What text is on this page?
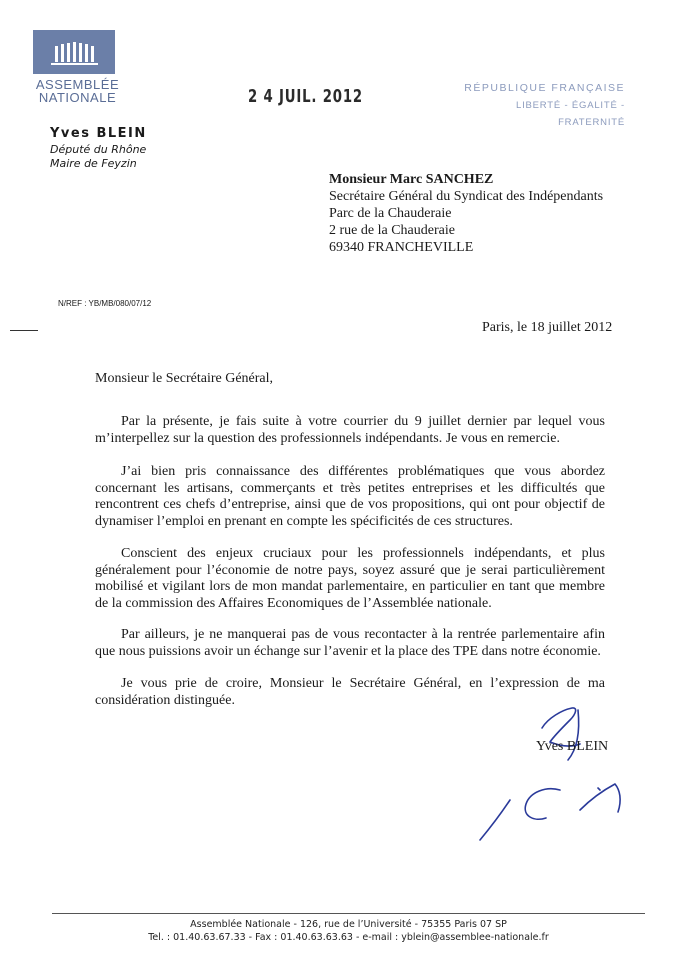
ASSEMBLÉE
NATIONALE	2 4 JUIL. 2012	RÉPUBLIQUE FRANÇAISE
LIBERTÉ - ÉGALITÉ - FRATERNITÉ
Yves BLEIN
Député du Rhône
Maire de Feyzin
Monsieur Marc SANCHEZ
Secrétaire Général du Syndicat des Indépendants
Parc de la Chauderaie
2 rue de la Chauderaie
69340 FRANCHEVILLE
N/REF : YB/MB/080/07/12
Paris, le 18 juillet 2012
Monsieur le Secrétaire Général,
Par la présente, je fais suite à votre courrier du 9 juillet dernier par lequel vous m’interpellez sur la question des professionnels indépendants. Je vous en remercie.
J’ai bien pris connaissance des différentes problématiques que vous abordez concernant les artisans, commerçants et très petites entreprises et les difficultés que rencontrent ces chefs d’entreprise, ainsi que de vos propositions, qui ont pour objectif de dynamiser l’emploi en prenant en compte les spécificités de ces structures.
Conscient des enjeux cruciaux pour les professionnels indépendants, et plus généralement pour l’économie de notre pays, soyez assuré que je serai particulièrement mobilisé et vigilant lors de mon mandat parlementaire, en particulier en tant que membre de la commission des Affaires Economiques de l’Assemblée nationale.
Par ailleurs, je ne manquerai pas de vous recontacter à la rentrée parlementaire afin que nous puissions avoir un échange sur l’avenir et la place des TPE dans notre économie.
Je vous prie de croire, Monsieur le Secrétaire Général, en l’expression de ma considération distinguée.
Yves BLEIN
Assemblée Nationale - 126, rue de l’Université - 75355 Paris 07 SP
Tel. : 01.40.63.67.33 - Fax : 01.40.63.63.63 - e-mail : yblein@assemblee-nationale.fr
